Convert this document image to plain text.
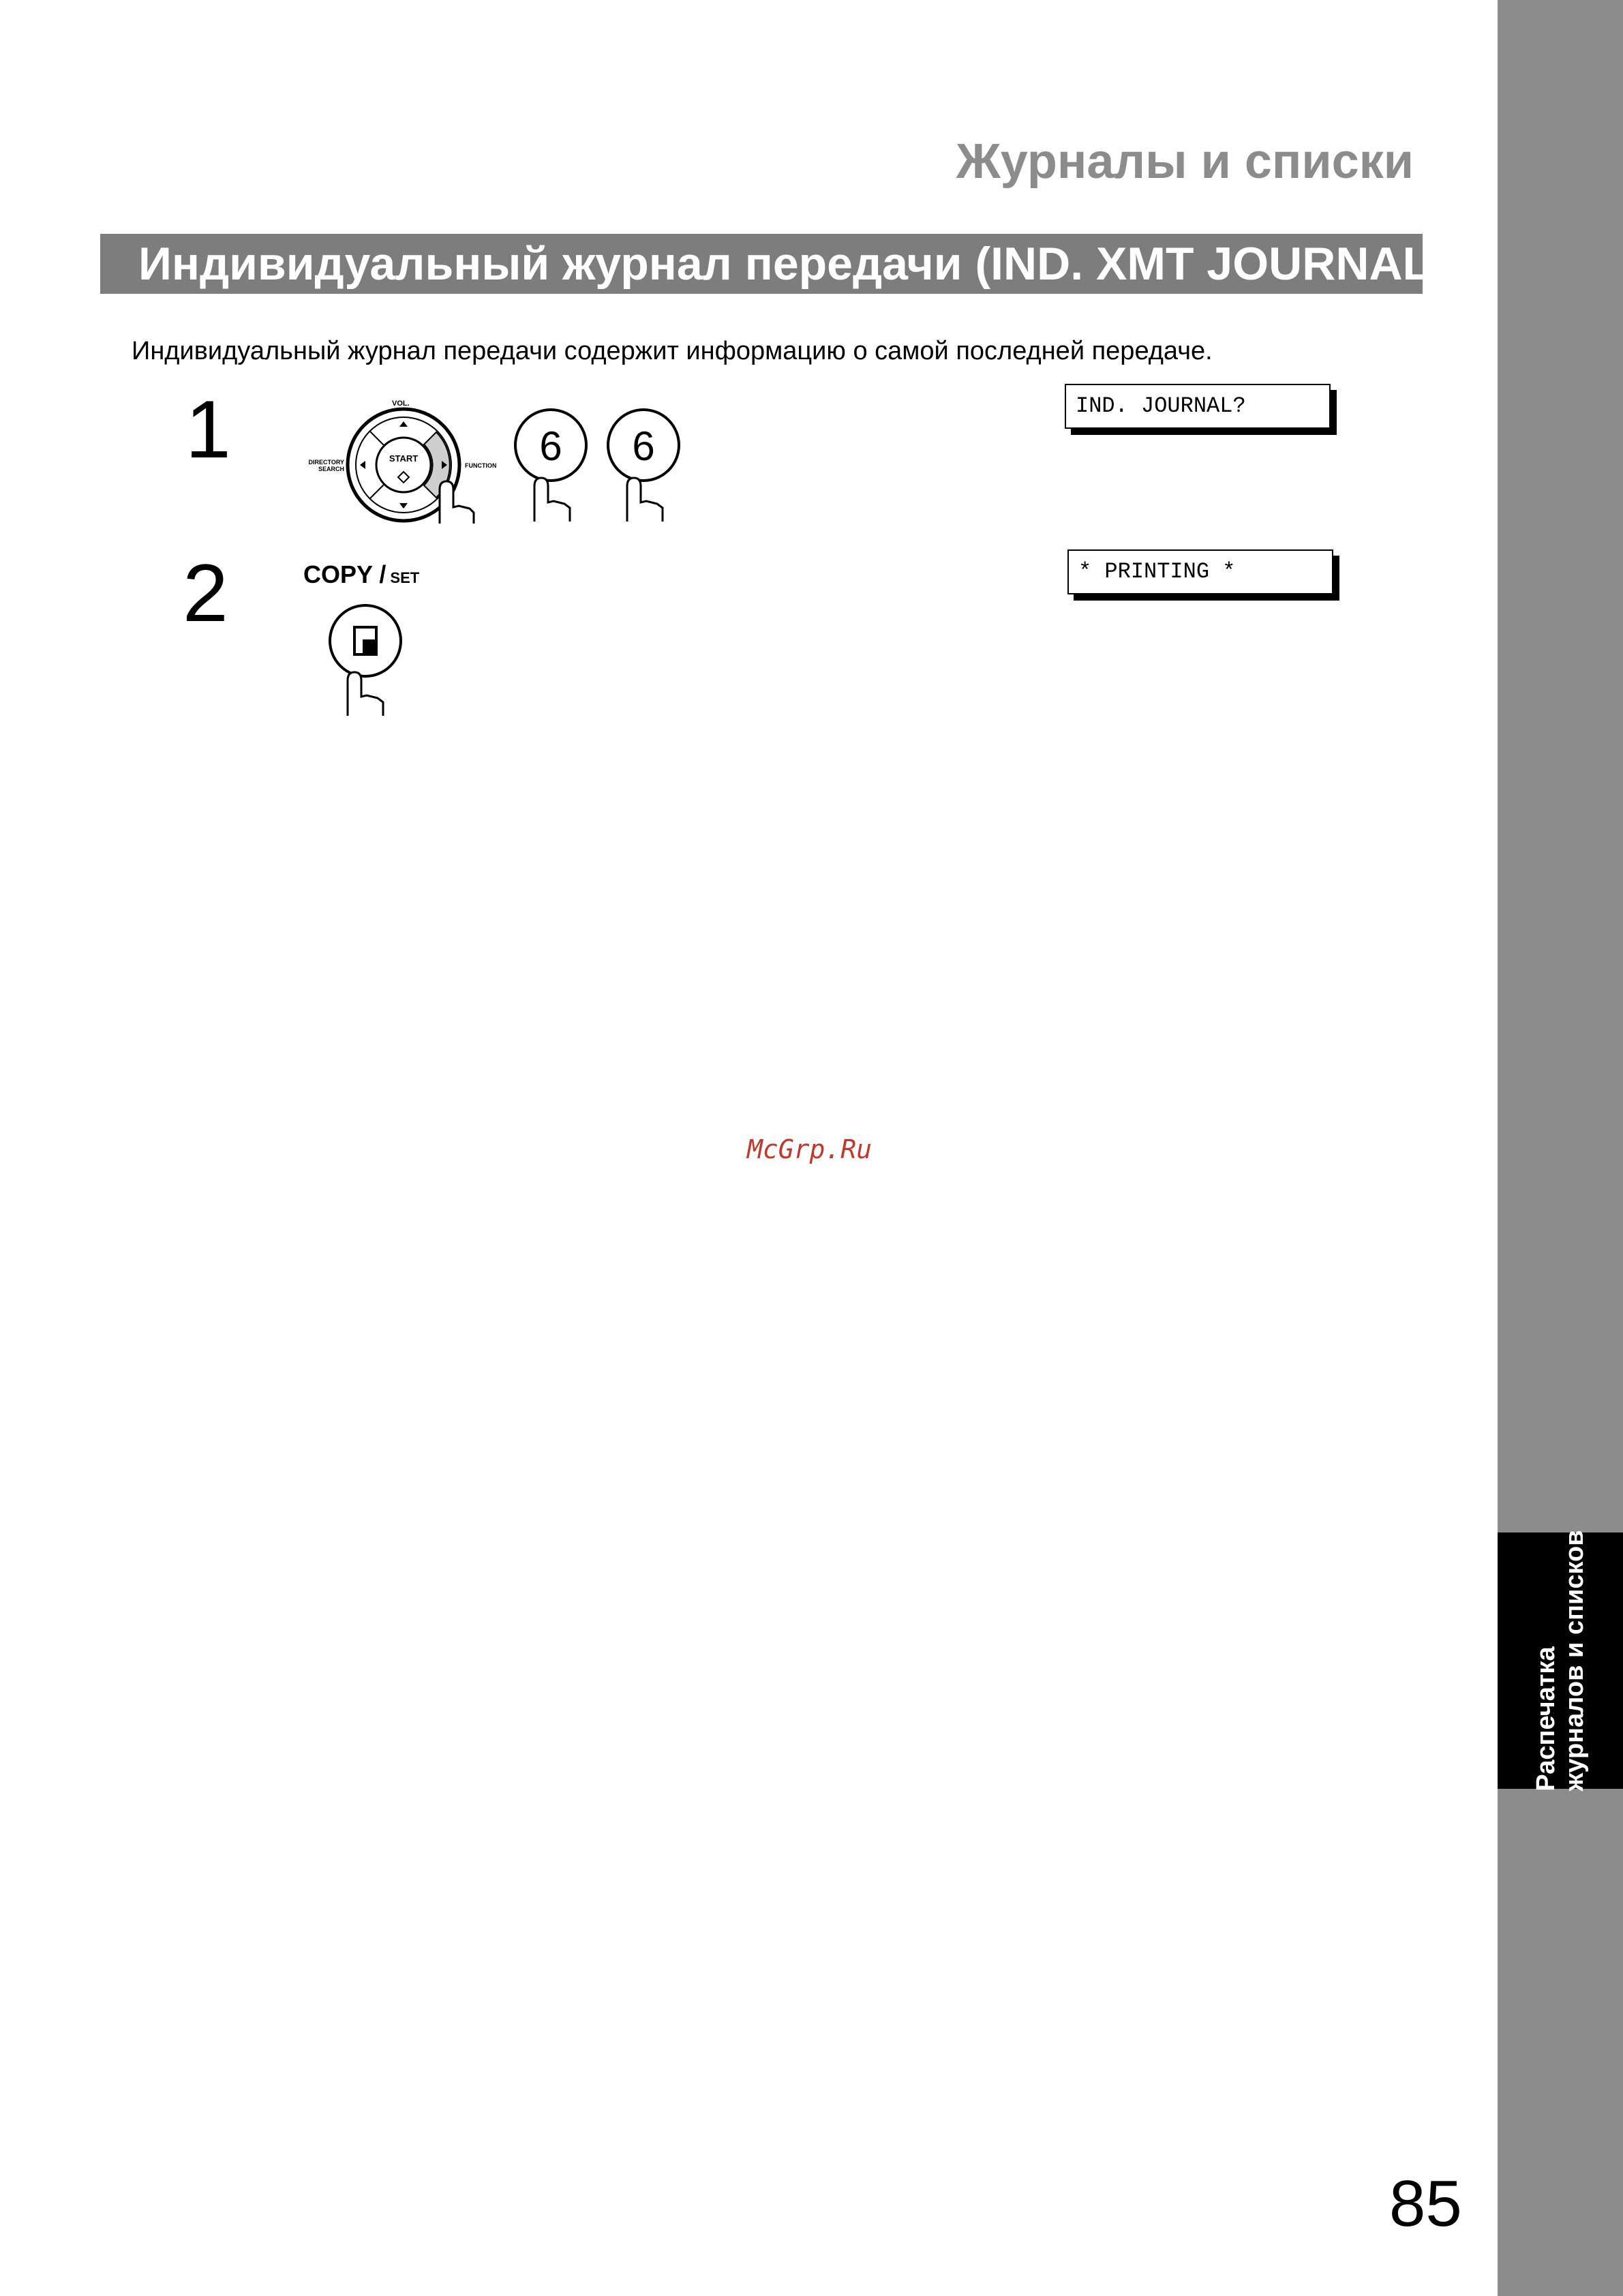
Распечатка журналов и списков
Журналы и списки
Индивидуальный журнал передачи (IND. XMT JOURNAL)
Индивидуальный журнал передачи содержит информацию о самой последней передаче.
1	VOL.
START
DIRECTORY
SEARCH	FUNCTION 6 6
IND. JOURNAL?
2	COPY / SET	* PRINTING *
McGrp.Ru
85
